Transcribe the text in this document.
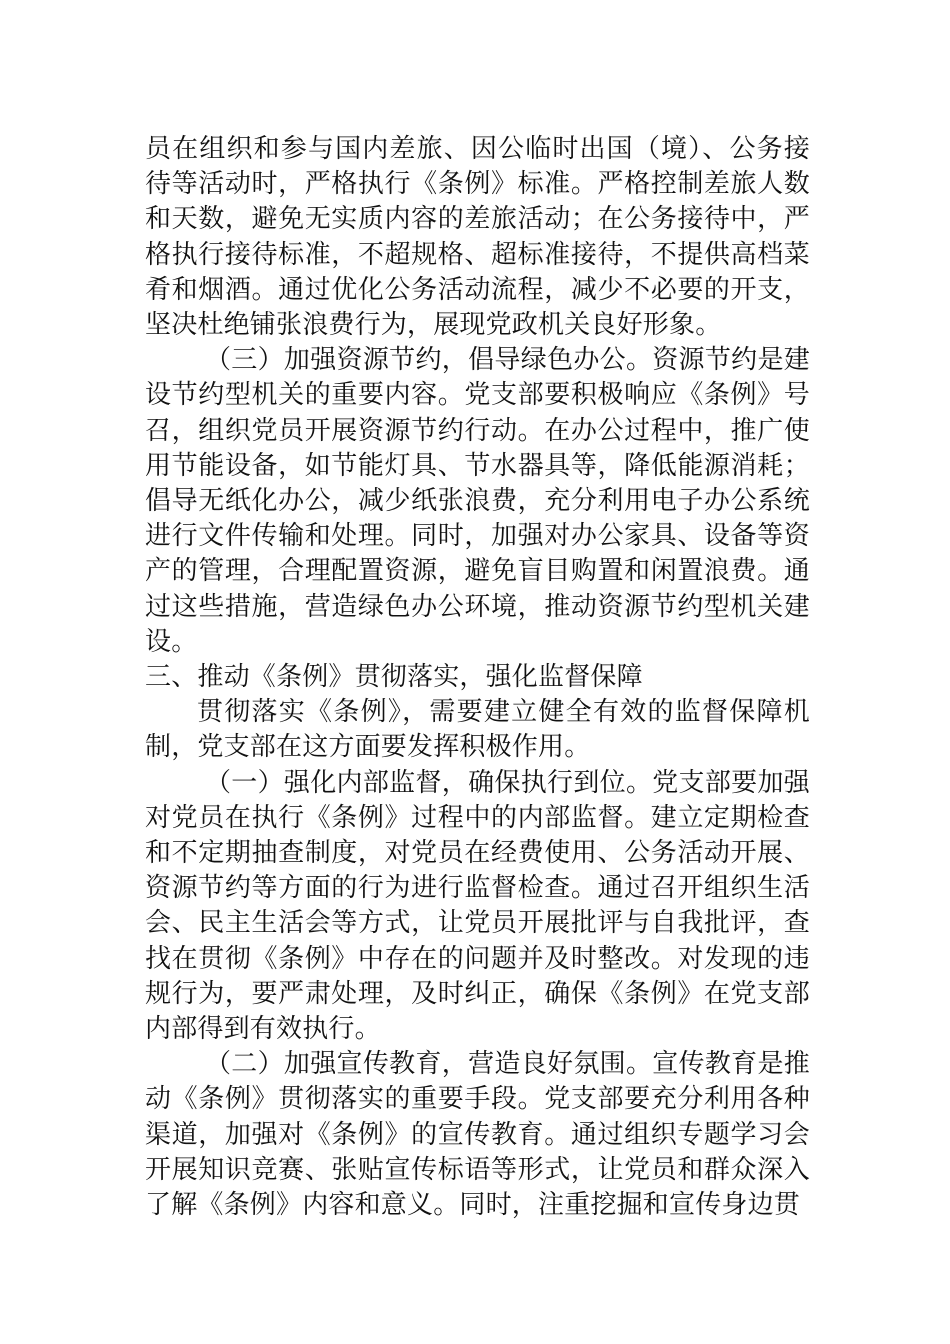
员在组织和参与国内差旅、因公临时出国（境）、公务接待等活动时，严格执行《条例》标准。严格控制差旅人数和天数，避免无实质内容的差旅活动；在公务接待中，严格执行接待标准，不超规格、超标准接待，不提供高档菜肴和烟酒。通过优化公务活动流程，减少不必要的开支，坚决杜绝铺张浪费行为，展现党政机关良好形象。

（三）加强资源节约，倡导绿色办公。资源节约是建设节约型机关的重要内容。党支部要积极响应《条例》号召，组织党员开展资源节约行动。在办公过程中，推广使用节能设备，如节能灯具、节水器具等，降低能源消耗；倡导无纸化办公，减少纸张浪费，充分利用电子办公系统进行文件传输和处理。同时，加强对办公家具、设备等资产的管理，合理配置资源，避免盲目购置和闲置浪费。通过这些措施，营造绿色办公环境，推动资源节约型机关建设。

三、推动《条例》贯彻落实，强化监督保障

贯彻落实《条例》，需要建立健全有效的监督保障机制，党支部在这方面要发挥积极作用。

（一）强化内部监督，确保执行到位。党支部要加强对党员在执行《条例》过程中的内部监督。建立定期检查和不定期抽查制度，对党员在经费使用、公务活动开展、资源节约等方面的行为进行监督检查。通过召开组织生活会、民主生活会等方式，让党员开展批评与自我批评，查找在贯彻《条例》中存在的问题并及时整改。对发现的违规行为，要严肃处理，及时纠正，确保《条例》在党支部内部得到有效执行。

（二）加强宣传教育，营造良好氛围。宣传教育是推动《条例》贯彻落实的重要手段。党支部要充分利用各种渠道，加强对《条例》的宣传教育。通过组织专题学习会开展知识竞赛、张贴宣传标语等形式，让党员和群众深入了解《条例》内容和意义。同时，注重挖掘和宣传身边贯
